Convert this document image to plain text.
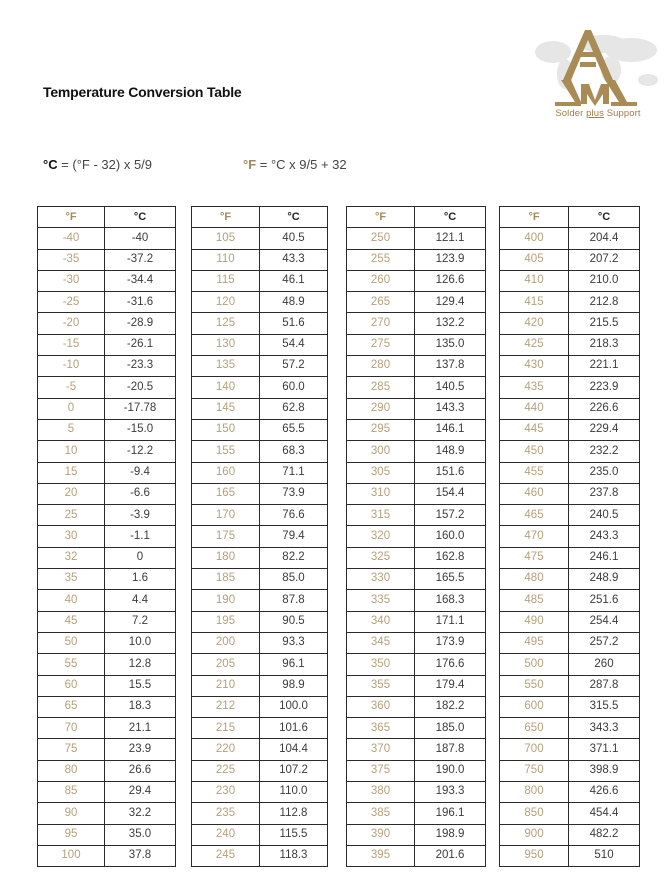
Temperature Conversion Table
°C = (°F - 32) x 5/9	°F = °C x 9/5 + 32
Solder plus Support
°F	°C
-40	-40
-35	-37.2
-30	-34.4
-25	-31.6
-20	-28.9
-15	-26.1
-10	-23.3
-5	-20.5
0	-17.78
5	-15.0
10	-12.2
15	-9.4
20	-6.6
25	-3.9
30	-1.1
32	0
35	1.6
40	4.4
45	7.2
50	10.0
55	12.8
60	15.5
65	18.3
70	21.1
75	23.9
80	26.6
85	29.4
90	32.2
95	35.0
100	37.8
°F	°C
105	40.5
110	43.3
115	46.1
120	48.9
125	51.6
130	54.4
135	57.2
140	60.0
145	62.8
150	65.5
155	68.3
160	71.1
165	73.9
170	76.6
175	79.4
180	82.2
185	85.0
190	87.8
195	90.5
200	93.3
205	96.1
210	98.9
212	100.0
215	101.6
220	104.4
225	107.2
230	110.0
235	112.8
240	115.5
245	118.3
°F	°C
250	121.1
255	123.9
260	126.6
265	129.4
270	132.2
275	135.0
280	137.8
285	140.5
290	143.3
295	146.1
300	148.9
305	151.6
310	154.4
315	157.2
320	160.0
325	162.8
330	165.5
335	168.3
340	171.1
345	173.9
350	176.6
355	179.4
360	182.2
365	185.0
370	187.8
375	190.0
380	193.3
385	196.1
390	198.9
395	201.6
°F	°C
400	204.4
405	207.2
410	210.0
415	212.8
420	215.5
425	218.3
430	221.1
435	223.9
440	226.6
445	229.4
450	232.2
455	235.0
460	237.8
465	240.5
470	243.3
475	246.1
480	248.9
485	251.6
490	254.4
495	257.2
500	260
550	287.8
600	315.5
650	343.3
700	371.1
750	398.9
800	426.6
850	454.4
900	482.2
950	510
